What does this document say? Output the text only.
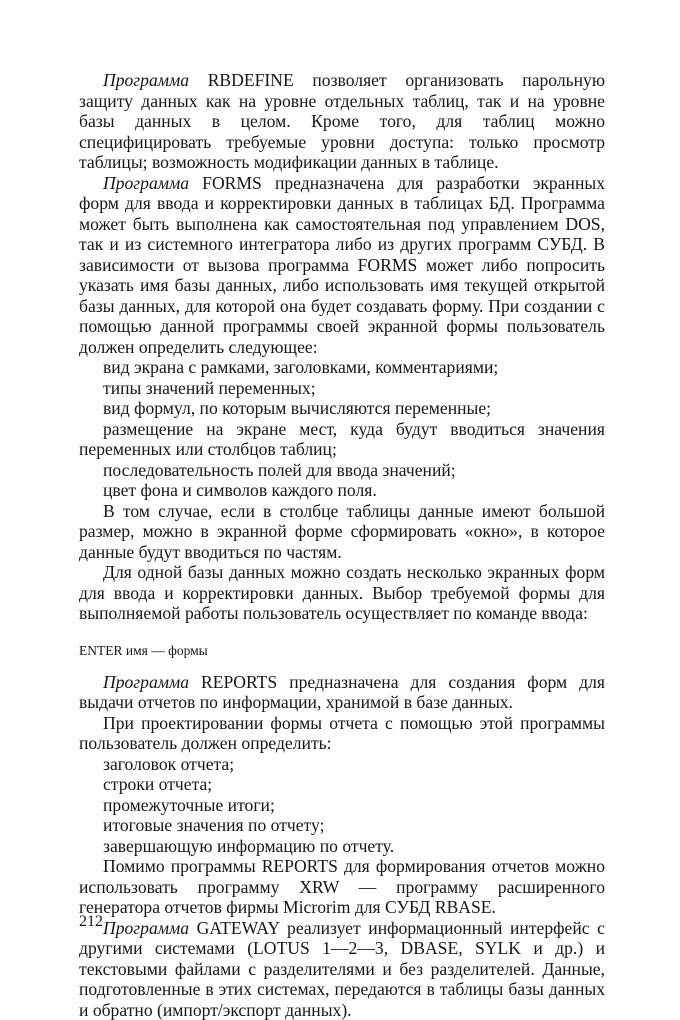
Программа RBDEFINE позволяет организовать парольную защиту данных как на уровне отдельных таблиц, так и на уровне базы данных в целом. Кроме того, для таблиц можно специфицировать требуемые уровни доступа: только просмотр таблицы; возможность модификации данных в таблице.

Программа FORMS предназначена для разработки экранных форм для ввода и корректировки данных в таблицах БД. Программа может быть выполнена как самостоятельная под управлением DOS, так и из системного интегратора либо из других программ СУБД. В зависимости от вызова программа FORMS может либо попросить указать имя базы данных, либо использовать имя текущей открытой базы данных, для которой она будет создавать форму. При создании с помощью данной программы своей экранной формы пользователь должен определить следующее:

вид экрана с рамками, заголовками, комментариями;

типы значений переменных;

вид формул, по которым вычисляются переменные;

размещение на экране мест, куда будут вводиться значения переменных или столбцов таблиц;

последовательность полей для ввода значений;

цвет фона и символов каждого поля.

В том случае, если в столбце таблицы данные имеют большой размер, можно в экранной форме сформировать «окно», в которое данные будут вводиться по частям.

Для одной базы данных можно создать несколько экранных форм для ввода и корректировки данных. Выбор требуемой формы для выполняемой работы пользователь осуществляет по команде ввода:

ENTER имя — формы

Программа REPORTS предназначена для создания форм для выдачи отчетов по информации, хранимой в базе данных.

При проектировании формы отчета с помощью этой программы пользователь должен определить:

заголовок отчета;

строки отчета;

промежуточные итоги;

итоговые значения по отчету;

завершающую информацию по отчету.

Помимо программы REPORTS для формирования отчетов можно использовать программу XRW — программу расширенного генератора отчетов фирмы Microrim для СУБД RBASE.

Программа GATEWAY реализует информационный интерфейс с другими системами (LOTUS 1—2—3, DBASE, SYLK и др.) и текстовыми файлами с разделителями и без разделителей. Данные, подготовленные в этих системах, передаются в таблицы базы данных и обратно (импорт/экспорт данных).

212
